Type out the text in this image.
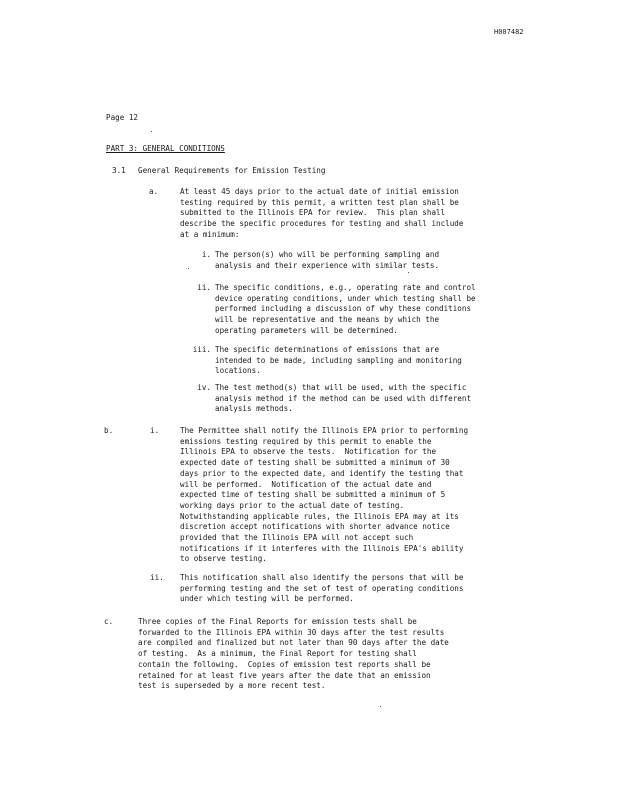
H007482
Page 12
PART 3: GENERAL CONDITIONS
3.1 General Requirements for Emission Testing
a.	At least 45 days prior to the actual date of initial emission
testing required by this permit, a written test plan shall be
submitted to the Illinois EPA for review.  This plan shall
describe the specific procedures for testing and shall include
at a minimum:
i. The person(s) who will be performing sampling and
analysis and their experience with similar tests.
ii. The specific conditions, e.g., operating rate and control
device operating conditions, under which testing shall be
performed including a discussion of why these conditions
will be representative and the means by which the
operating parameters will be determined.
iii. The specific determinations of emissions that are
intended to be made, including sampling and monitoring
locations.
iv. The test method(s) that will be used, with the specific
analysis method if the method can be used with different
analysis methods.
b.	i.	The Permittee shall notify the Illinois EPA prior to performing
emissions testing required by this permit to enable the
Illinois EPA to observe the tests.  Notification for the
expected date of testing shall be submitted a minimum of 30
days prior to the expected date, and identify the testing that
will be performed.  Notification of the actual date and
expected time of testing shall be submitted a minimum of 5
working days prior to the actual date of testing.
Notwithstanding applicable rules, the Illinois EPA may at its
discretion accept notifications with shorter advance notice
provided that the Illinois EPA will not accept such
notifications if it interferes with the Illinois EPA's ability
to observe testing.
ii. This notification shall also identify the persons that will be
performing testing and the set of test of operating conditions
under which testing will be performed.
c.	Three copies of the Final Reports for emission tests shall be
forwarded to the Illinois EPA within 30 days after the test results
are compiled and finalized but not later than 90 days after the date
of testing.  As a minimum, the Final Report for testing shall
contain the following.  Copies of emission test reports shall be
retained for at least five years after the date that an emission
test is superseded by a more recent test.
